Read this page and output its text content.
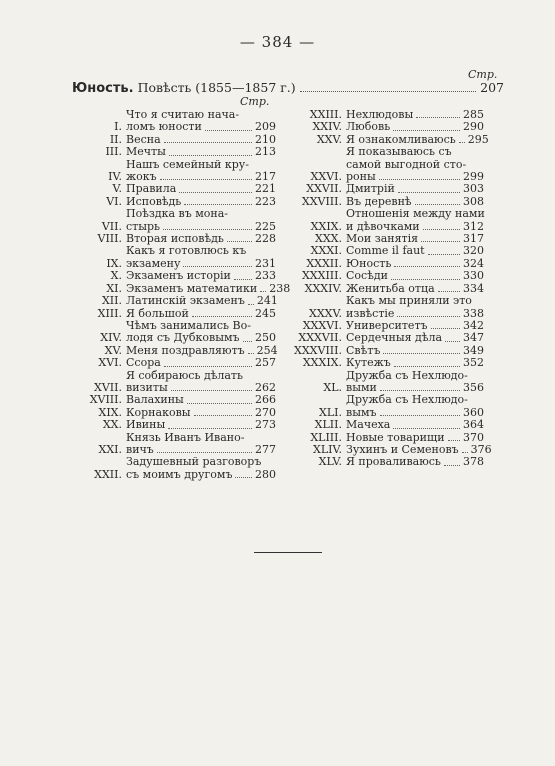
— 384 —
Стр.
Юность. Повѣсть (1855—1857 г.)	207
Стр.
I.
Что я считаю нача-
ломъ юности	209
II. Весна	210
III. Мечты	213
IV.
Нашъ семейный кру-
жокъ	217
V. Правила	221
VI. Исповѣдь	223
VII.
Поѣздка въ мона-
стырь	225
VIII. Вторая исповѣдь	228
IX.
Какъ я готовлюсь къ
экзамену	231
X. Экзаменъ исторіи 233
XI. Экзаменъ математики 238
XII. Латинскій экзаменъ 241
XIII. Я большой	245
XIV.
Чѣмъ занимались Во-
лодя съ Дубковымъ 250
XV. Меня поздравляютъ 254
XVI. Ссора	257
XVII.
Я собираюсь дѣлать
визиты	262
XVIII. Валахины	266
XIX. Корнаковы	270
XX. Ивины	273
XXI.
Князь Иванъ Ивано-
вичъ	277
XXII.
Задушевный разговоръ
съ моимъ другомъ 280
XXIII. Нехлюдовы	285
XXIV. Любовь	290
XXV. Я ознакомливаюсь 295
XXVI.
Я показываюсь съ
самой выгодной сто-
роны	299
XXVII. Дмитрій	303
XXVIII. Въ деревнѣ	308
XXIX.
Отношенія между нами
и дѣвочками	312
XXX. Мои занятія	317
XXXI. Comme il faut	320
XXXII. Юность	324
XXXIII. Сосѣди	330
XXXIV. Женитьба отца	334
XXXV.
Какъ мы приняли это
извѣстіе	338
XXXVI. Университетъ	342
XXXVII. Сердечныя дѣла 347
XXXVIII. Свѣтъ	349
XXXIX. Кутежъ	352
XL.
Дружба съ Нехлюдо-
выми	356
XLI.
Дружба съ Нехлюдо-
вымъ	360
XLII. Мачеха	364
XLIII. Новые товарищи 370
XLIV. Зухинъ и Семеновъ 376
XLV. Я проваливаюсь 378
